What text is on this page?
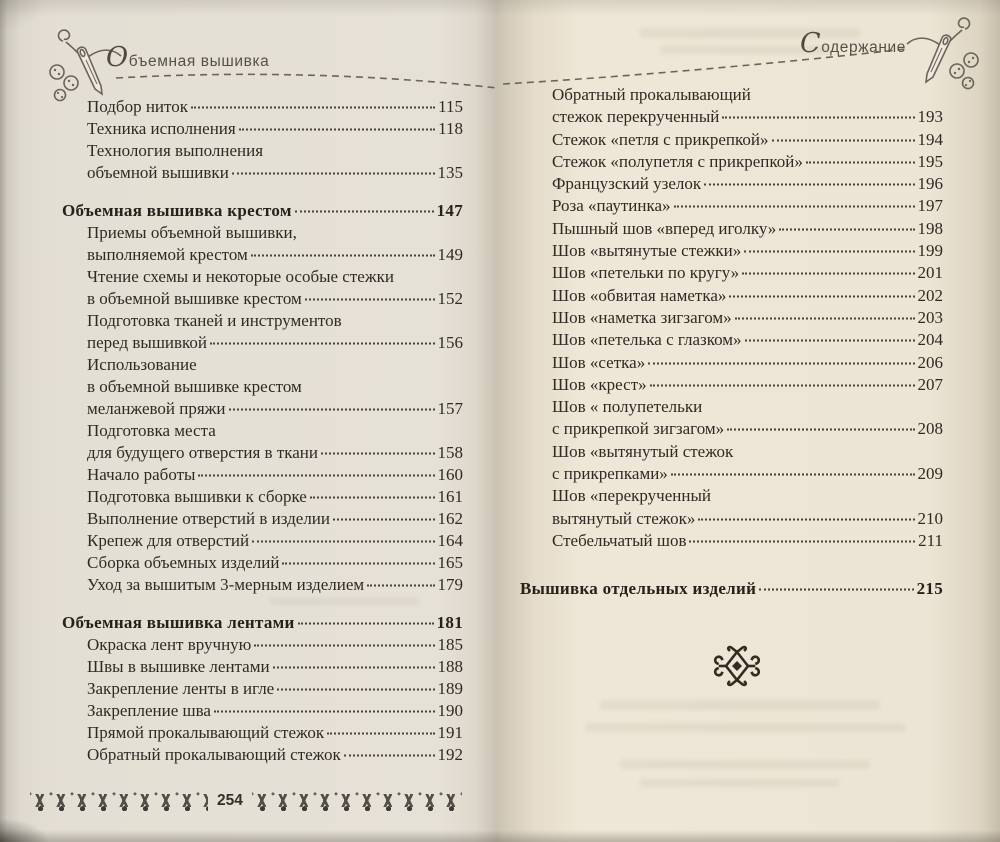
Объемная вышивка
Содержание
Подбор ниток	115
Техника исполнения	118
Технология выполнения
объемной вышивки	135
Объемная вышивка крестом	147
Приемы объемной вышивки,
выполняемой крестом	149
Чтение схемы и некоторые особые стежки
в объемной вышивке крестом	152
Подготовка тканей и инструментов
перед вышивкой	156
Использование
в объемной вышивке крестом
меланжевой пряжи	157
Подготовка места
для будущего отверстия в ткани	158
Начало работы	160
Подготовка вышивки к сборке	161
Выполнение отверстий в изделии	162
Крепеж для отверстий	164
Сборка объемных изделий	165
Уход за вышитым 3-мерным изделием	179
Объемная вышивка лентами	181
Окраска лент вручную	185
Швы в вышивке лентами	188
Закрепление ленты в игле	189
Закрепление шва	190
Прямой прокалывающий стежок	191
Обратный прокалывающий стежок	192
Обратный прокалывающий
стежок перекрученный	193
Стежок «петля с прикрепкой»	194
Стежок «полупетля с прикрепкой»	195
Французский узелок	196
Роза «паутинка»	197
Пышный шов «вперед иголку»	198
Шов «вытянутые стежки»	199
Шов «петельки по кругу»	201
Шов «обвитая наметка»	202
Шов «наметка зигзагом»	203
Шов «петелька с глазком»	204
Шов «сетка»	206
Шов «крест»	207
Шов « полупетельки
с прикрепкой зигзагом»	208
Шов «вытянутый стежок
с прикрепками»	209
Шов «перекрученный
вытянутый стежок»	210
Стебельчатый шов	211
Вышивка отдельных изделий	215
254
